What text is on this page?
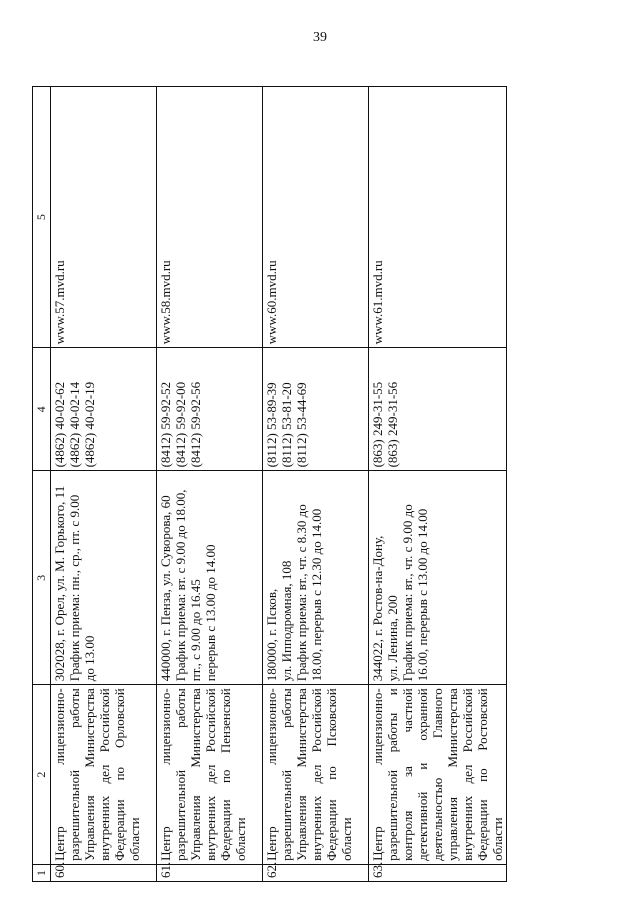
39
1	2	3	4	5
60.	Центр лицензионно-разрешительной работы Управления Министерства внутренних дел Российской Федерации по Орловской области	302028, г. Орел, ул. М. Горького, 11 График приема: пн., ср., пт. с 9.00 до 13.00	(4862) 40-02-62 (4862) 40-02-14 (4862) 40-02-19	www.57.mvd.ru

61.	Центр лицензионно-разрешительной работы Управления Министерства внутренних дел Российской Федерации по Пензенской области	440000, г. Пенза, ул. Суворова, 60 График приема: вт. с 9.00 до 18.00, пт., с 9.00 до 16.45 перерыв с 13.00 до 14.00	(8412) 59-92-52 (8412) 59-92-00 (8412) 59-92-56	www.58.mvd.ru

62.	Центр лицензионно-разрешительной работы Управления Министерства внутренних дел Российской Федерации по Псковской области	180000, г. Псков, ул. Ипподромная, 108 График приема: вт., чт. с 8.30 до 18.00, перерыв с 12.30 до 14.00	(8112) 53-89-39 (8112) 53-81-20 (8112) 53-44-69	www.60.mvd.ru

63.	Центр лицензионно-разрешительной работы и контроля за частной детективной и охранной деятельностью Главного управления Министерства внутренних дел Российской Федерации по Ростовской области	344022, г. Ростов-на-Дону, ул. Ленина, 200 График приема: вт., чт. с 9.00 до 16.00, перерыв с 13.00 до 14.00	(863) 249-31-55 (863) 249-31-56	www.61.mvd.ru
